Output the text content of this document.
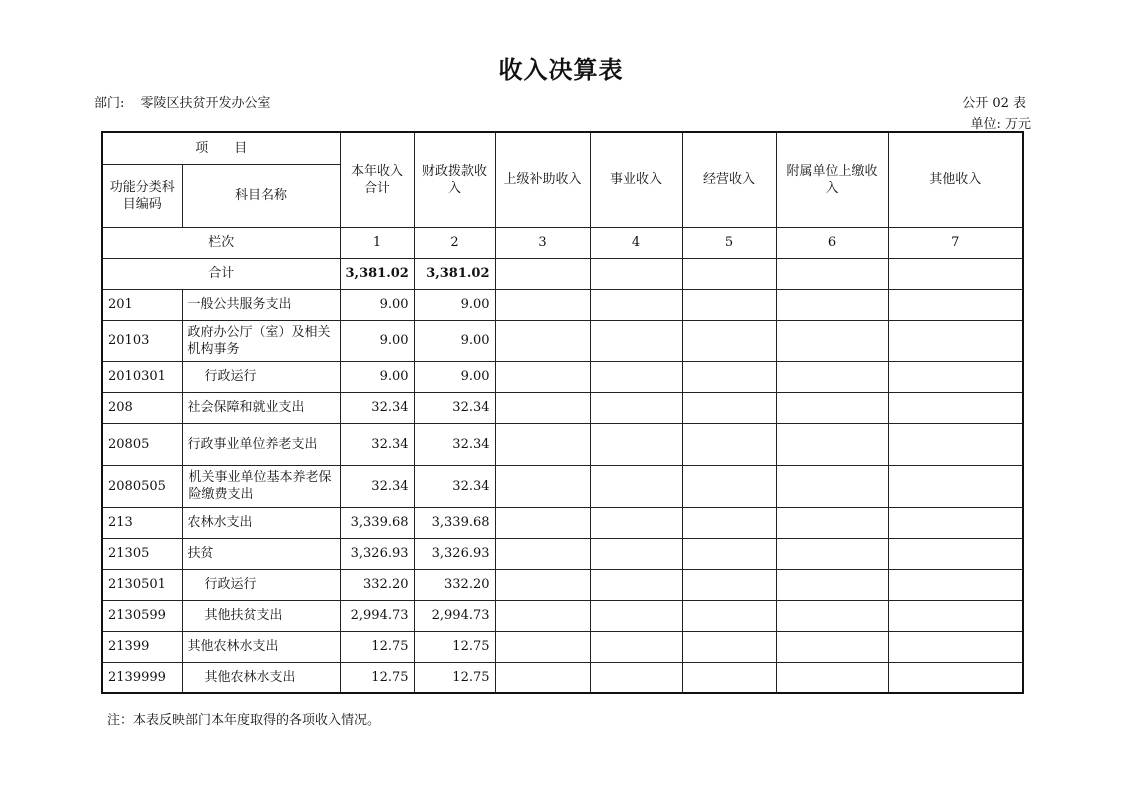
收入决算表
部门: 零陵区扶贫开发办公室	公开 02 表
单位: 万元
项　　目		本年收入合计	财政拨款收入	上级补助收入	事业收入	经营收入	附属单位上缴收入	其他收入
功能分类科目编码	科目名称							
栏次		1	2	3	4	5	6	7
合计		3,381.02	3,381.02					
201	一般公共服务支出	9.00	9.00					
20103	政府办公厅（室）及相关机构事务	9.00	9.00					
2010301	行政运行	9.00	9.00					
208	社会保障和就业支出	32.34	32.34					
20805	行政事业单位养老支出	32.34	32.34					
2080505	机关事业单位基本养老保险缴费支出	32.34	32.34					
213	农林水支出	3,339.68	3,339.68					
21305	扶贫	3,326.93	3,326.93					
2130501	行政运行	332.20	332.20					
2130599	其他扶贫支出	2,994.73	2,994.73					
21399	其他农林水支出	12.75	12.75					
2139999	其他农林水支出	12.75	12.75					
注：本表反映部门本年度取得的各项收入情况。
